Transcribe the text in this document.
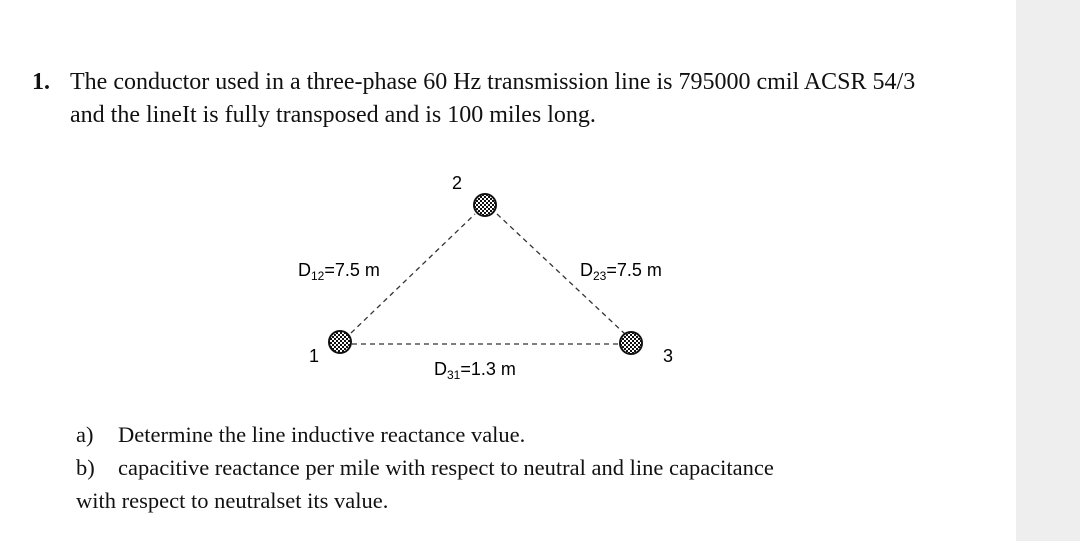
1. The conductor used in a three-phase 60 Hz transmission line is 795000 cmil ACSR 54/3
and the lineIt is fully transposed and is 100 miles long.
2
1	3
$D_{12}=7.5$ m	$D_{23}=7.5$ m
$D_{31}=1.3$ m
a)	Determine the line inductive reactance value.
b)	capacitive reactance per mile with respect to neutral and line capacitance
with respect to neutralset its value.
